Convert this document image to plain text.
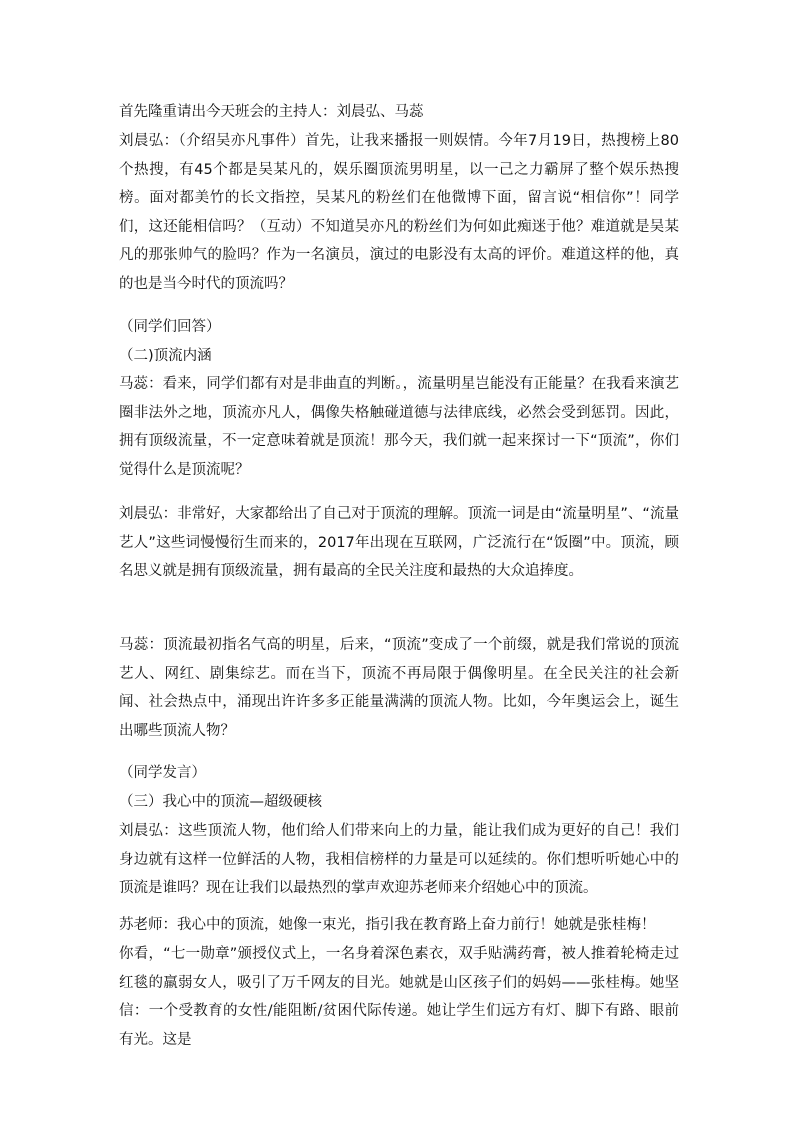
首先隆重请出今天班会的主持人：刘晨弘、马蕊

刘晨弘：（介绍吴亦凡事件）首先，让我来播报一则娱情。今年7月19日，热搜榜上80个热搜，有45个都是吴某凡的，娱乐圈顶流男明星，以一己之力霸屏了整个娱乐热搜榜。面对都美竹的长文指控，吴某凡的粉丝们在他微博下面，留言说“相信你”！同学们，这还能相信吗？（互动）不知道吴亦凡的粉丝们为何如此痴迷于他？难道就是吴某凡的那张帅气的脸吗？作为一名演员，演过的电影没有太高的评价。难道这样的他，真的也是当今时代的顶流吗？

（同学们回答）

（二)顶流内涵

马蕊：看来，同学们都有对是非曲直的判断。，流量明星岂能没有正能量？在我看来演艺圈非法外之地，顶流亦凡人，偶像失格触碰道德与法律底线，必然会受到惩罚。因此，拥有顶级流量，不一定意味着就是顶流！那今天，我们就一起来探讨一下“顶流”，你们觉得什么是顶流呢？

刘晨弘：非常好，大家都给出了自己对于顶流的理解。顶流一词是由“流量明星”、“流量艺人”这些词慢慢衍生而来的，2017年出现在互联网，广泛流行在“饭圈”中。顶流，顾名思义就是拥有顶级流量，拥有最高的全民关注度和最热的大众追捧度。

马蕊：顶流最初指名气高的明星，后来，“顶流”变成了一个前缀，就是我们常说的顶流艺人、网红、剧集综艺。而在当下，顶流不再局限于偶像明星。在全民关注的社会新闻、社会热点中，涌现出许许多多正能量满满的顶流人物。比如，今年奥运会上，诞生出哪些顶流人物？

（同学发言）

（三）我心中的顶流—超级硬核

刘晨弘：这些顶流人物，他们给人们带来向上的力量，能让我们成为更好的自己！我们身边就有这样一位鲜活的人物，我相信榜样的力量是可以延续的。你们想听听她心中的顶流是谁吗？现在让我们以最热烈的掌声欢迎苏老师来介绍她心中的顶流。

苏老师：我心中的顶流，她像一束光，指引我在教育路上奋力前行！她就是张桂梅！

你看，“七一勋章”颁授仪式上，一名身着深色素衣，双手贴满药膏，被人推着轮椅走过红毯的羸弱女人，吸引了万千网友的目光。她就是山区孩子们的妈妈——张桂梅。她坚信：一个受教育的女性/能阻断/贫困代际传递。她让学生们远方有灯、脚下有路、眼前有光。这是
